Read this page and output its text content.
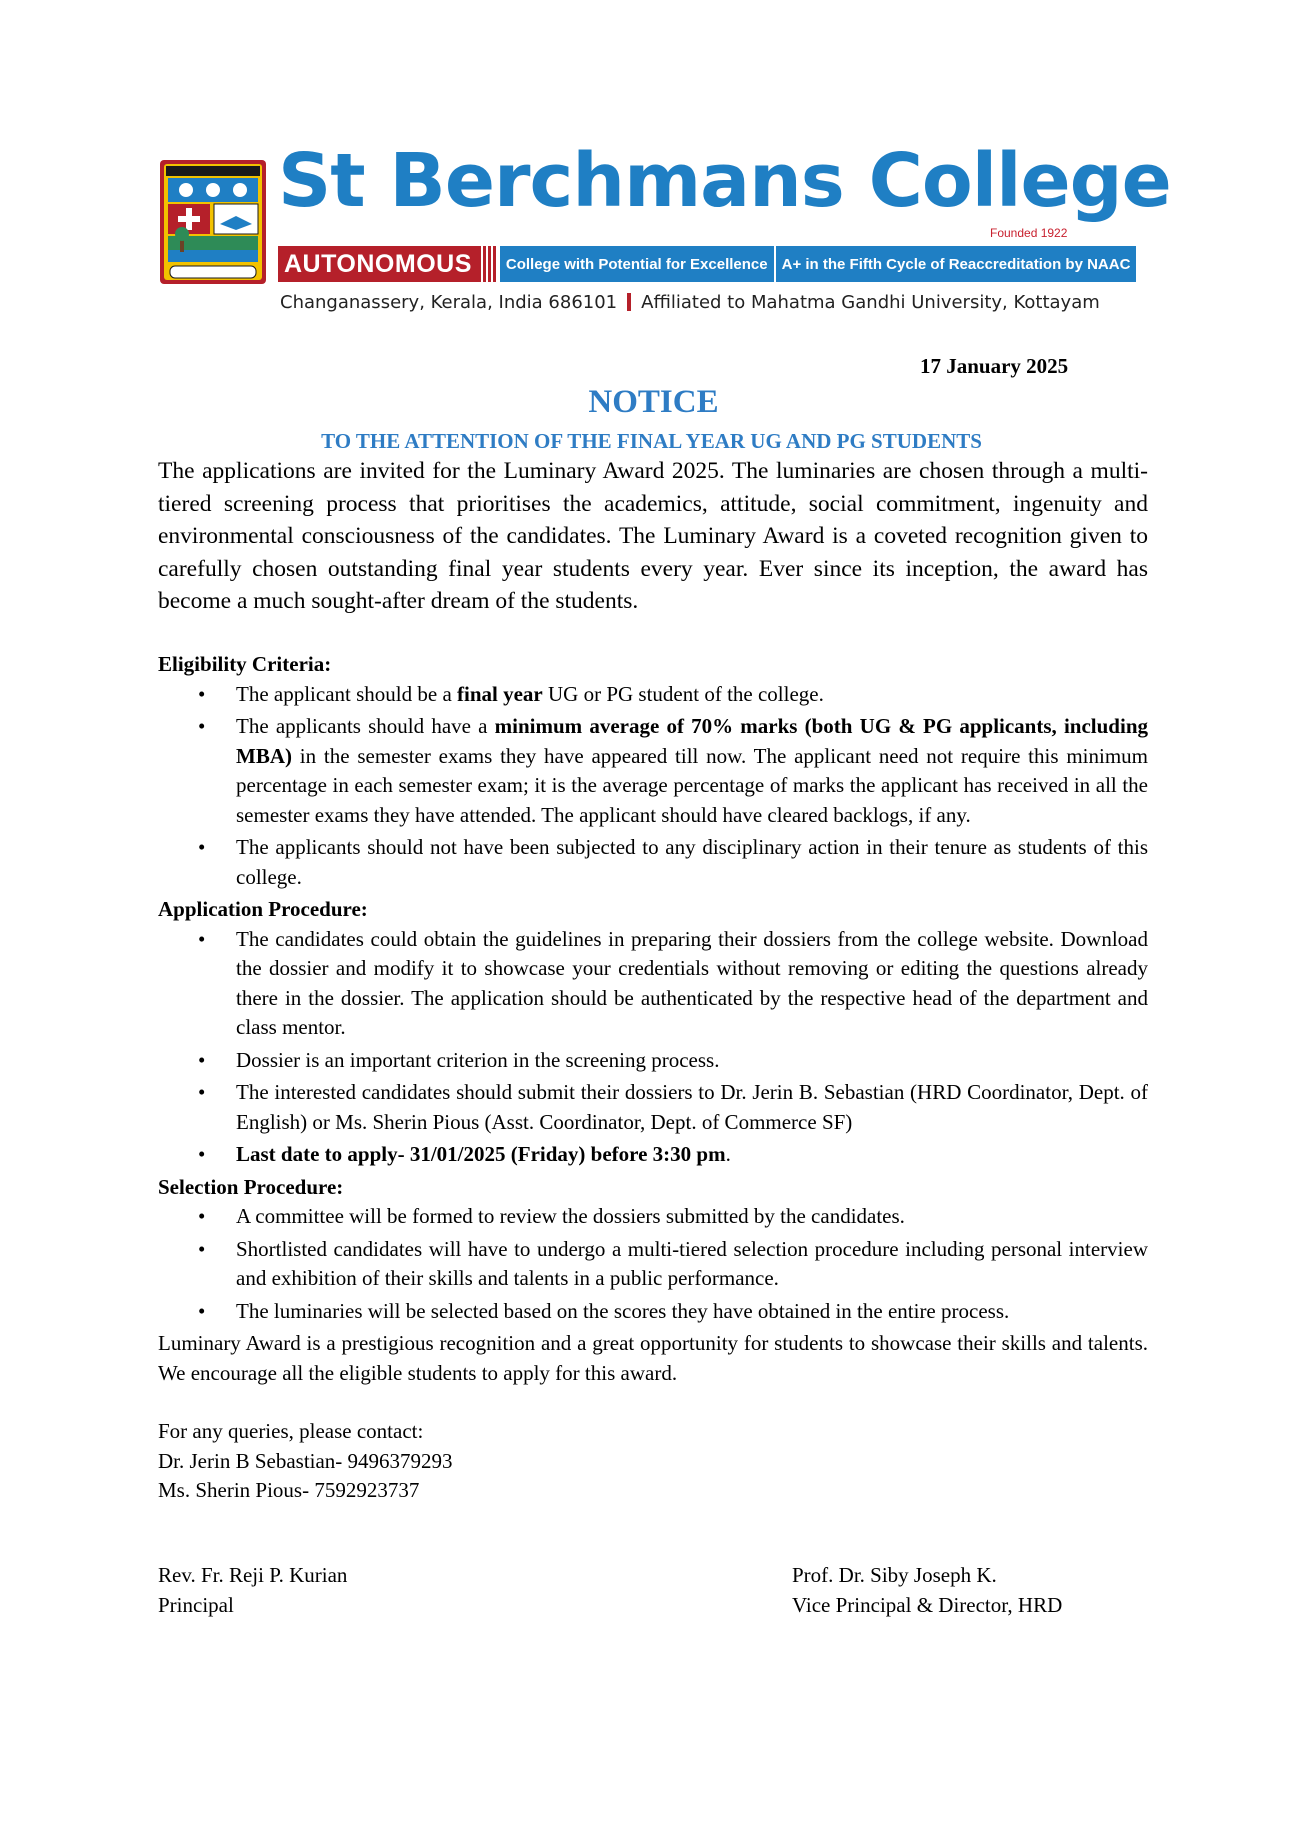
St Berchmans College
Founded 1922
AUTONOMOUS	College with Potential for Excellence A+ in the Fifth Cycle of Reaccreditation by NAAC
Changanassery, Kerala, India 686101 Affiliated to Mahatma Gandhi University, Kottayam
17 January 2025
NOTICE
TO THE ATTENTION OF THE FINAL YEAR UG AND PG STUDENTS
The applications are invited for the Luminary Award 2025. The luminaries are chosen through a multi-tiered screening process that prioritises the academics, attitude, social commitment, ingenuity and environmental consciousness of the candidates. The Luminary Award is a coveted recognition given to carefully chosen outstanding final year students every year. Ever since its inception, the award has become a much sought-after dream of the students.

Eligibility Criteria:

• The applicant should be a final year UG or PG student of the college.
• The applicants should have a minimum average of 70% marks (both UG & PG applicants, including MBA) in the semester exams they have appeared till now. The applicant need not require this minimum percentage in each semester exam; it is the average percentage of marks the applicant has received in all the semester exams they have attended. The applicant should have cleared backlogs, if any.
• The applicants should not have been subjected to any disciplinary action in their tenure as students of this college.

Application Procedure:

• The candidates could obtain the guidelines in preparing their dossiers from the college website. Download the dossier and modify it to showcase your credentials without removing or editing the questions already there in the dossier. The application should be authenticated by the respective head of the department and class mentor.
• Dossier is an important criterion in the screening process.
• The interested candidates should submit their dossiers to Dr. Jerin B. Sebastian (HRD Coordinator, Dept. of English) or Ms. Sherin Pious (Asst. Coordinator, Dept. of Commerce SF)
• Last date to apply- 31/01/2025 (Friday) before 3:30 pm.

Selection Procedure:

• A committee will be formed to review the dossiers submitted by the candidates.
• Shortlisted candidates will have to undergo a multi-tiered selection procedure including personal interview and exhibition of their skills and talents in a public performance.
• The luminaries will be selected based on the scores they have obtained in the entire process.

Luminary Award is a prestigious recognition and a great opportunity for students to showcase their skills and talents. We encourage all the eligible students to apply for this award.

For any queries, please contact:
Dr. Jerin B Sebastian- 9496379293
Ms. Sherin Pious- 7592923737
Rev. Fr. Reji P. Kurian
Principal
Prof. Dr. Siby Joseph K.
Vice Principal & Director, HRD
